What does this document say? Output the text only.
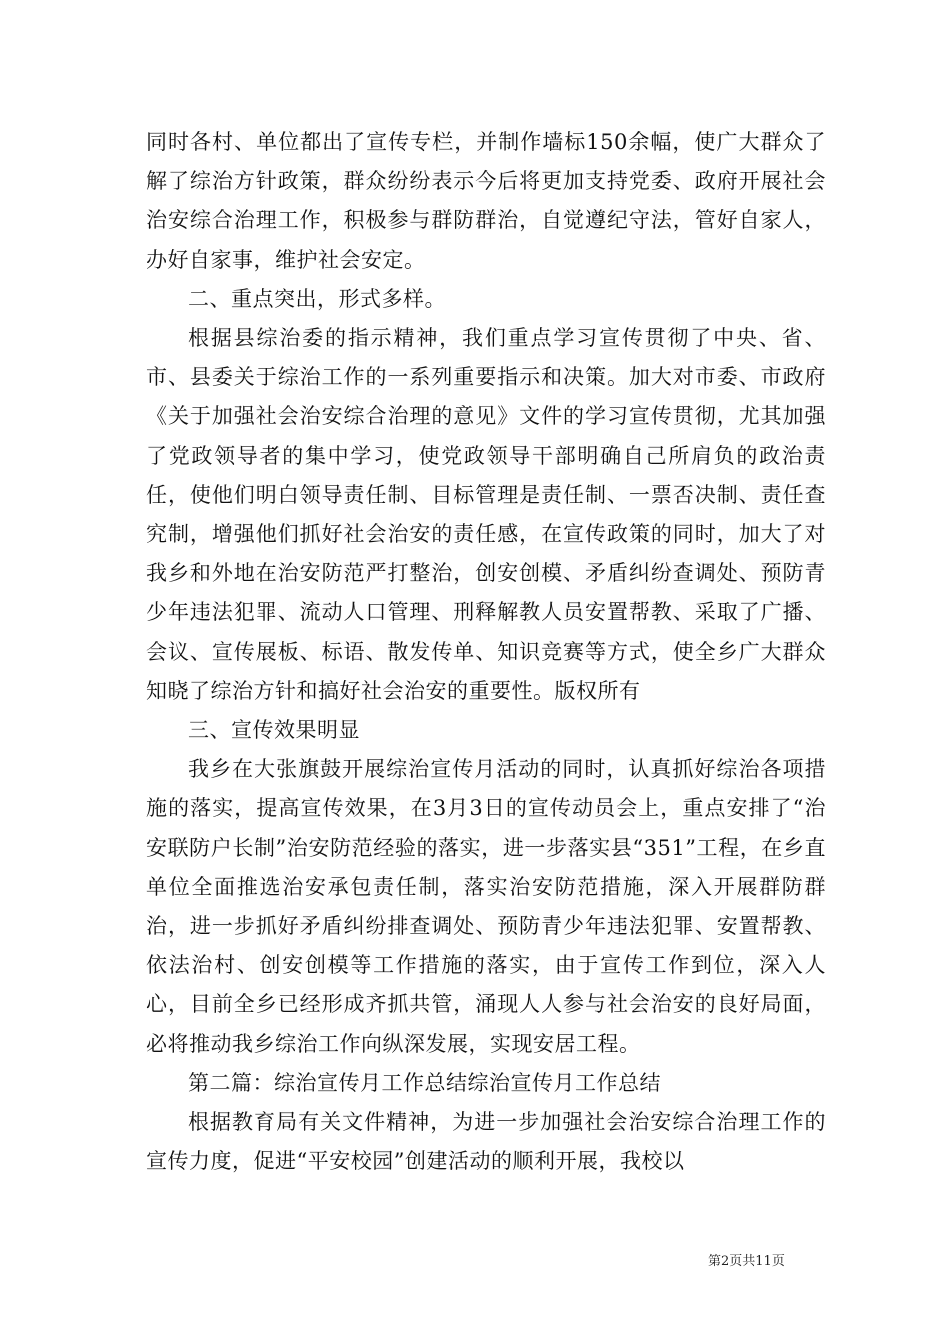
同时各村、单位都出了宣传专栏，并制作墙标150余幅，使广大群众了解了综治方针政策，群众纷纷表示今后将更加支持党委、政府开展社会治安综合治理工作，积极参与群防群治，自觉遵纪守法，管好自家人，办好自家事，维护社会安定。

二、重点突出，形式多样。

根据县综治委的指示精神，我们重点学习宣传贯彻了中央、省、市、县委关于综治工作的一系列重要指示和决策。加大对市委、市政府《关于加强社会治安综合治理的意见》文件的学习宣传贯彻，尤其加强了党政领导者的集中学习，使党政领导干部明确自己所肩负的政治责任，使他们明白领导责任制、目标管理是责任制、一票否决制、责任查究制，增强他们抓好社会治安的责任感，在宣传政策的同时，加大了对我乡和外地在治安防范严打整治，创安创模、矛盾纠纷查调处、预防青少年违法犯罪、流动人口管理、刑释解教人员安置帮教、采取了广播、会议、宣传展板、标语、散发传单、知识竞赛等方式，使全乡广大群众知晓了综治方针和搞好社会治安的重要性。版权所有

三、宣传效果明显

我乡在大张旗鼓开展综治宣传月活动的同时，认真抓好综治各项措施的落实，提高宣传效果，在3月3日的宣传动员会上，重点安排了“治安联防户长制”治安防范经验的落实，进一步落实县“351”工程，在乡直单位全面推选治安承包责任制，落实治安防范措施，深入开展群防群治，进一步抓好矛盾纠纷排查调处、预防青少年违法犯罪、安置帮教、依法治村、创安创模等工作措施的落实，由于宣传工作到位，深入人心，目前全乡已经形成齐抓共管，涌现人人参与社会治安的良好局面，必将推动我乡综治工作向纵深发展，实现安居工程。

第二篇：综治宣传月工作总结综治宣传月工作总结

根据教育局有关文件精神，为进一步加强社会治安综合治理工作的宣传力度，促进“平安校园”创建活动的顺利开展，我校以

第2页共11页
